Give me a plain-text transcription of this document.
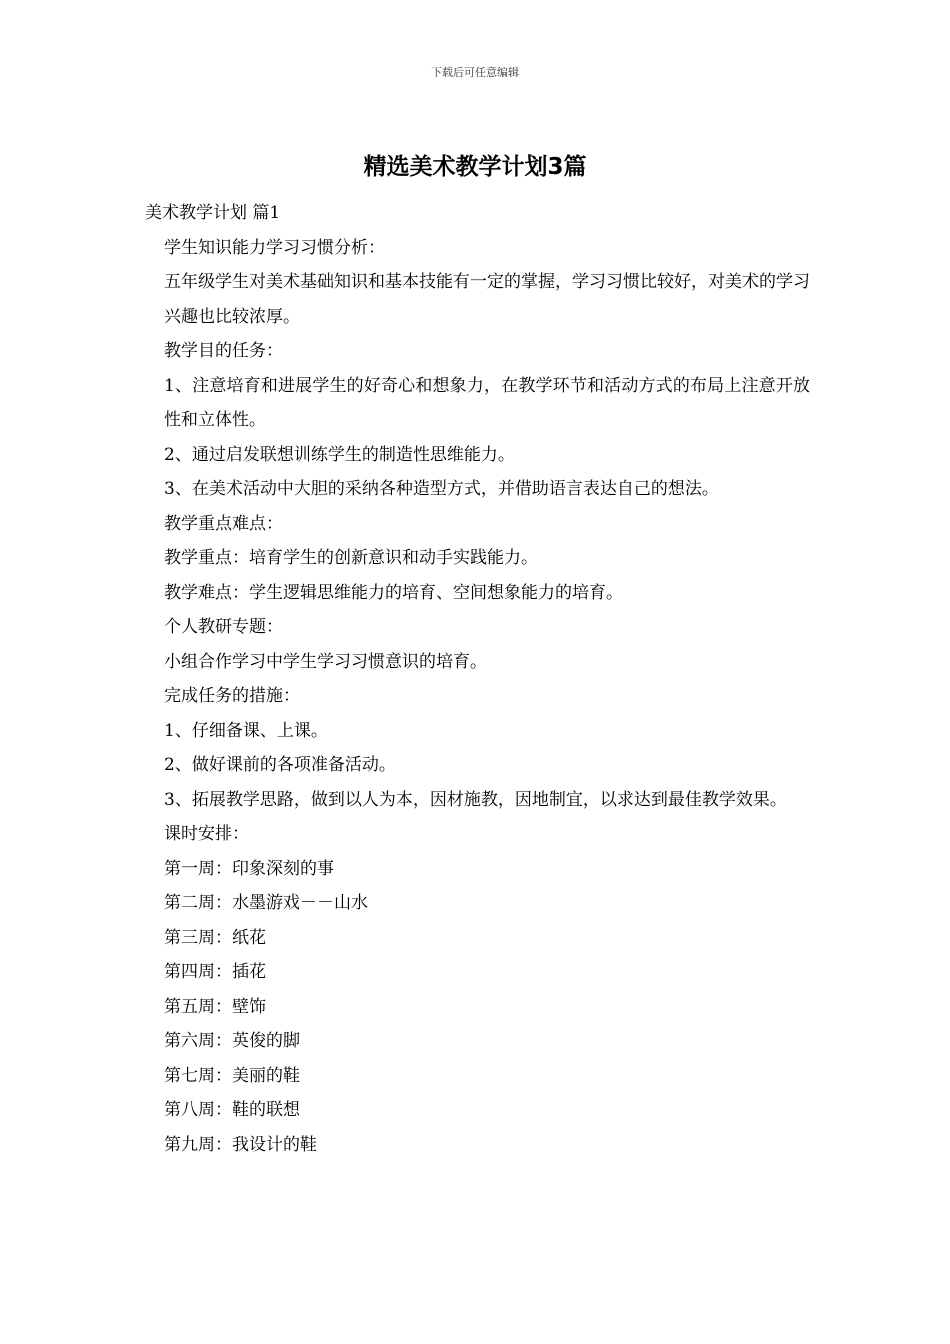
下载后可任意编辑
精选美术教学计划3篇

美术教学计划 篇1

学生知识能力学习习惯分析：

五年级学生对美术基础知识和基本技能有一定的掌握，学习习惯比较好，对美术的学习兴趣也比较浓厚。

教学目的任务：

1、注意培育和进展学生的好奇心和想象力，在教学环节和活动方式的布局上注意开放性和立体性。

2、通过启发联想训练学生的制造性思维能力。

3、在美术活动中大胆的采纳各种造型方式，并借助语言表达自己的想法。

教学重点难点：

教学重点：培育学生的创新意识和动手实践能力。

教学难点：学生逻辑思维能力的培育、空间想象能力的培育。

个人教研专题：

小组合作学习中学生学习习惯意识的培育。

完成任务的措施：

1、仔细备课、上课。

2、做好课前的各项准备活动。

3、拓展教学思路，做到以人为本，因材施教，因地制宜，以求达到最佳教学效果。

课时安排：

第一周：印象深刻的事

第二周：水墨游戏－－山水

第三周：纸花

第四周：插花

第五周：壁饰

第六周：英俊的脚

第七周：美丽的鞋

第八周：鞋的联想

第九周：我设计的鞋
